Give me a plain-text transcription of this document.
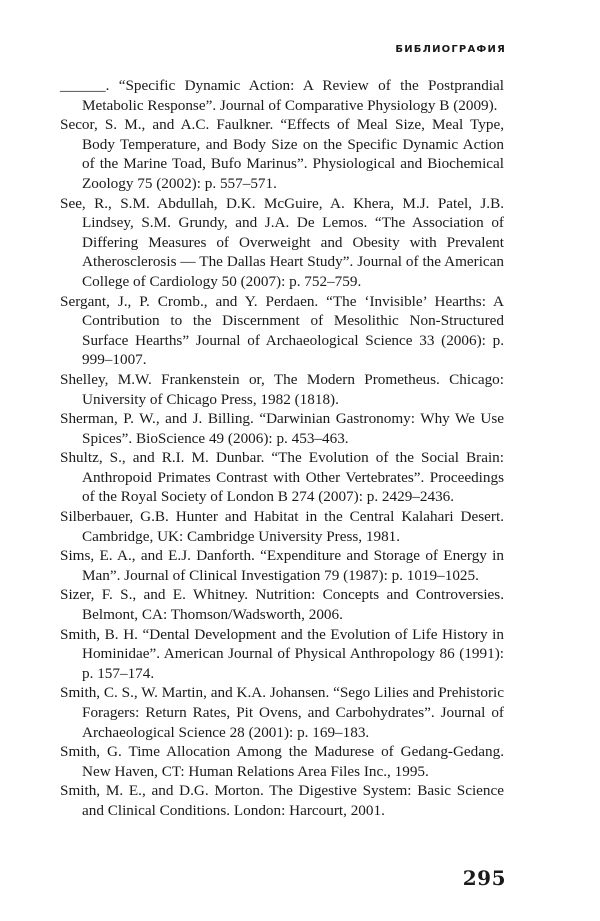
БИБЛИОГРАФИЯ

______. “Specific Dynamic Action: A Review of the Postprandial Metabolic Response”. Journal of Comparative Physiology B (2009).

Secor, S. M., and A.C. Faulkner. “Effects of Meal Size, Meal Type, Body Temperature, and Body Size on the Specific Dynamic Action of the Marine Toad, Bufo Marinus”. Physiological and Biochemical Zoology 75 (2002): p. 557–571.

See, R., S.M. Abdullah, D.K. McGuire, A. Khera, M.J. Patel, J.B. Lindsey, S.M. Grundy, and J.A. De Lemos. “The Association of Differing Measures of Overweight and Obesity with Prevalent Atherosclerosis — The Dallas Heart Study”. Journal of the American College of Cardiology 50 (2007): p. 752–759.

Sergant, J., P. Cromb., and Y. Perdaen. “The ‘Invisible’ Hearths: A Contribution to the Discernment of Mesolithic Non-Structured Surface Hearths” Journal of Archaeological Science 33 (2006): p. 999–1007.

Shelley, M.W. Frankenstein or, The Modern Prometheus. Chicago: University of Chicago Press, 1982 (1818).

Sherman, P. W., and J. Billing. “Darwinian Gastronomy: Why We Use Spices”. BioScience 49 (2006): p. 453–463.

Shultz, S., and R.I. M. Dunbar. “The Evolution of the Social Brain: Anthropoid Primates Contrast with Other Vertebrates”. Proceedings of the Royal Society of London B 274 (2007): p. 2429–2436.

Silberbauer, G.B. Hunter and Habitat in the Central Kalahari Desert. Cambridge, UK: Cambridge University Press, 1981.

Sims, E. A., and E.J. Danforth. “Expenditure and Storage of Energy in Man”. Journal of Clinical Investigation 79 (1987): p. 1019–1025.

Sizer, F. S., and E. Whitney. Nutrition: Concepts and Controversies. Belmont, CA: Thomson/Wadsworth, 2006.

Smith, B. H. “Dental Development and the Evolution of Life History in Hominidae”. American Journal of Physical Anthropology 86 (1991): p. 157–174.

Smith, C. S., W. Martin, and K.A. Johansen. “Sego Lilies and Prehistoric Foragers: Return Rates, Pit Ovens, and Carbohydrates”. Journal of Archaeological Science 28 (2001): p. 169–183.

Smith, G. Time Allocation Among the Madurese of Gedang-Gedang. New Haven, CT: Human Relations Area Files Inc., 1995.

Smith, M. E., and D.G. Morton. The Digestive System: Basic Science and Clinical Conditions. London: Harcourt, 2001.

295
